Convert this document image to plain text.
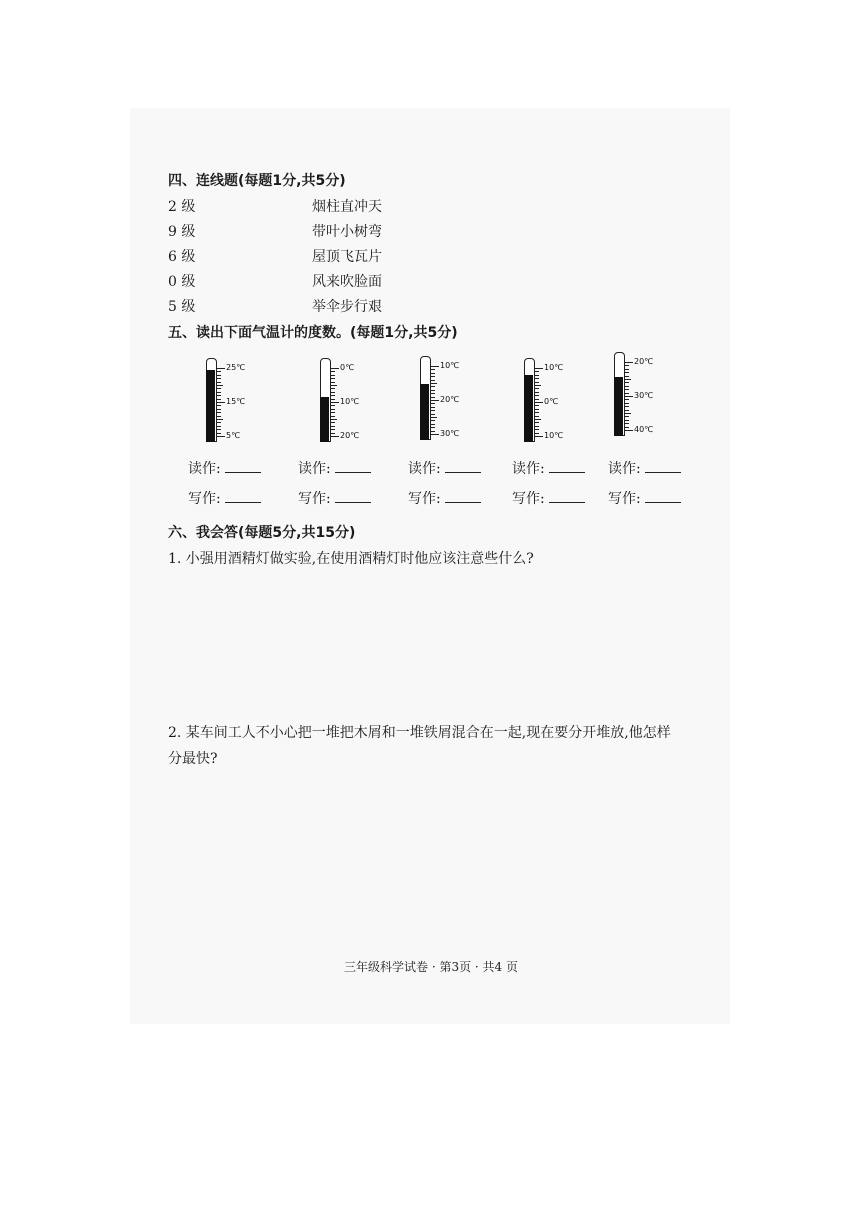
四、连线题(每题1分,共5分)
2 级	烟柱直冲天
9 级	带叶小树弯
6 级	屋顶飞瓦片
0 级	风来吹脸面
5 级	举伞步行艰
五、读出下面气温计的度数。(每题1分,共5分)
25℃
15℃
5℃
0℃
10℃
20℃
10℃
20℃
30℃
10℃
0℃
10℃
20℃
30℃
40℃
读作:	读作:	读作:	读作:	读作:
写作:	写作:	写作:	写作:	写作:
六、我会答(每题5分,共15分)
1. 小强用酒精灯做实验,在使用酒精灯时他应该注意些什么?
2. 某车间工人不小心把一堆把木屑和一堆铁屑混合在一起,现在要分开堆放,他怎样
分最快?
三年级科学试卷 · 第3页 · 共4 页
